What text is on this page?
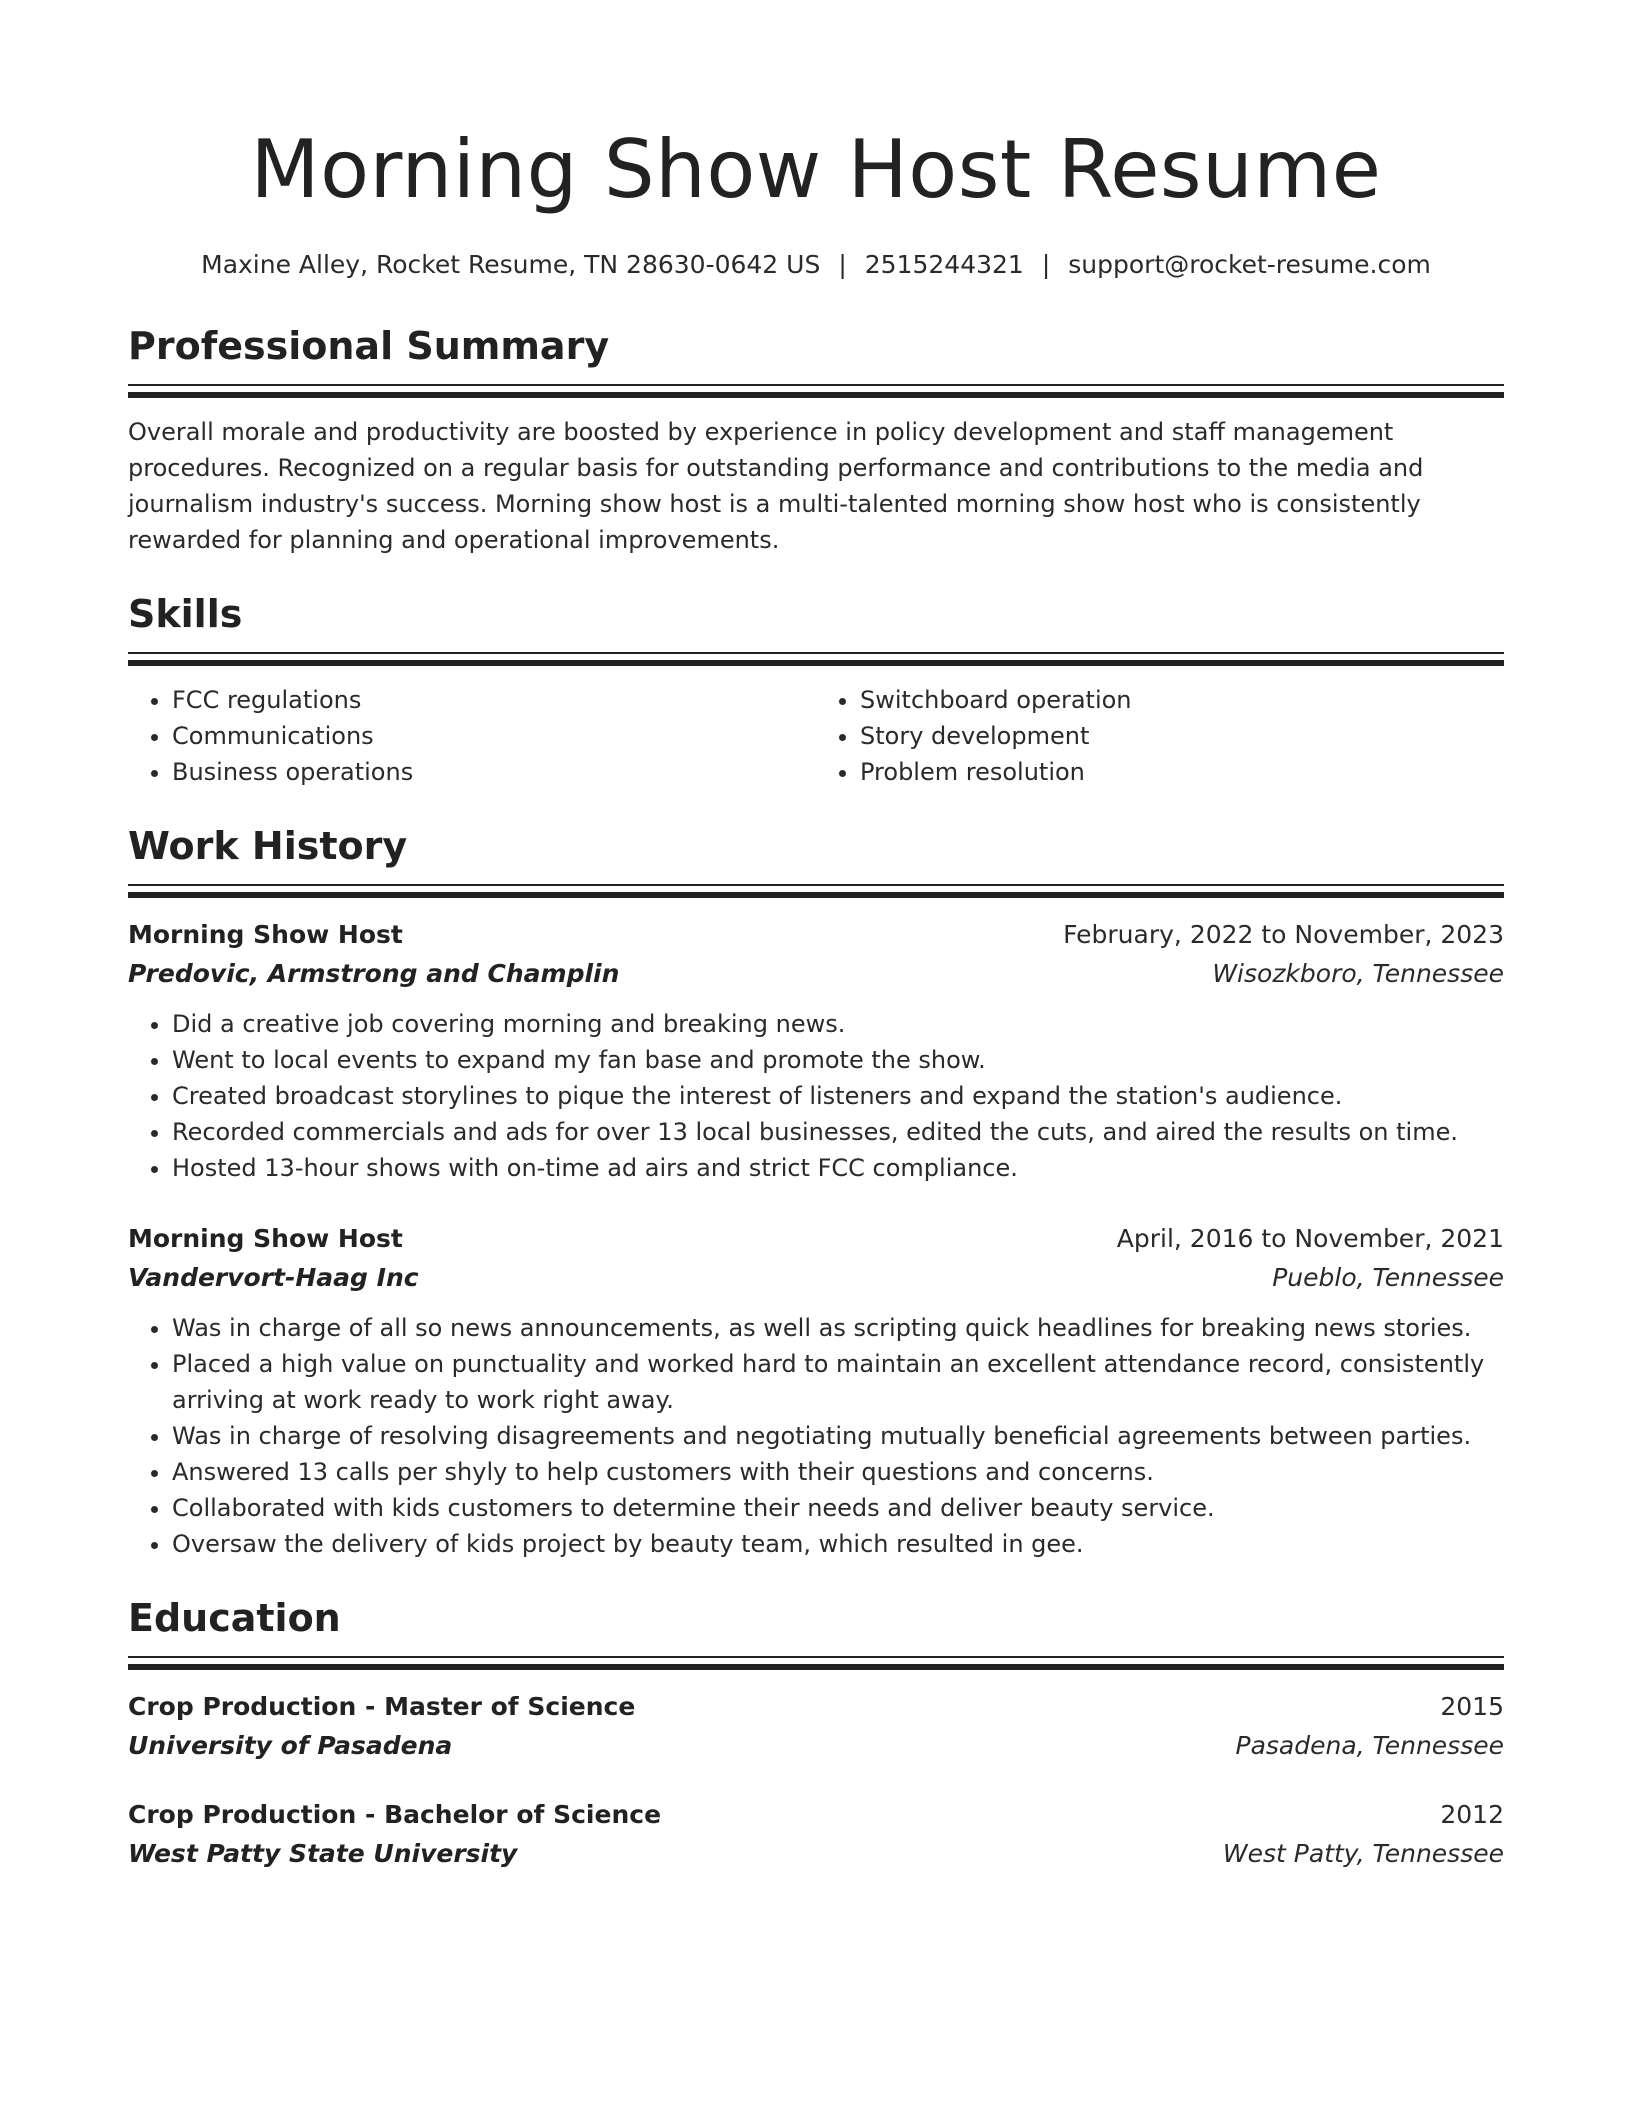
Morning Show Host Resume
Maxine Alley, Rocket Resume, TN 28630-0642 US | 2515244321 | support@rocket-resume.com
Professional Summary
Overall morale and productivity are boosted by experience in policy development and staff management procedures. Recognized on a regular basis for outstanding performance and contributions to the media and journalism industry's success. Morning show host is a multi-talented morning show host who is consistently rewarded for planning and operational improvements.
Skills
• FCC regulations
• Communications
• Business operations
• Switchboard operation
• Story development
• Problem resolution
Work History
Morning Show Host	February, 2022 to November, 2023
Predovic, Armstrong and Champlin	Wisozkboro, Tennessee
• Did a creative job covering morning and breaking news.
• Went to local events to expand my fan base and promote the show.
• Created broadcast storylines to pique the interest of listeners and expand the station's audience.
• Recorded commercials and ads for over 13 local businesses, edited the cuts, and aired the results on time.
• Hosted 13-hour shows with on-time ad airs and strict FCC compliance.
Morning Show Host	April, 2016 to November, 2021
Vandervort-Haag Inc	Pueblo, Tennessee
• Was in charge of all so news announcements, as well as scripting quick headlines for breaking news stories.
• Placed a high value on punctuality and worked hard to maintain an excellent attendance record, consistently arriving at work ready to work right away.
• Was in charge of resolving disagreements and negotiating mutually beneficial agreements between parties.
• Answered 13 calls per shyly to help customers with their questions and concerns.
• Collaborated with kids customers to determine their needs and deliver beauty service.
• Oversaw the delivery of kids project by beauty team, which resulted in gee.
Education
Crop Production - Master of Science	2015
University of Pasadena	Pasadena, Tennessee
Crop Production - Bachelor of Science	2012
West Patty State University	West Patty, Tennessee
